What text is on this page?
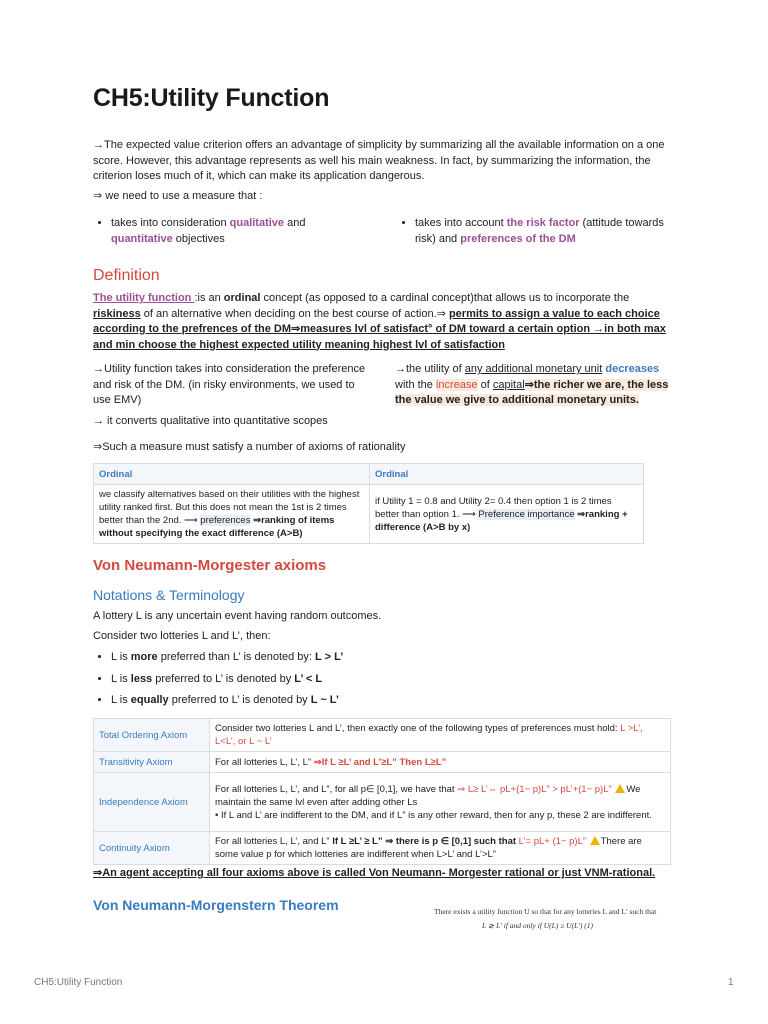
CH5:Utility Function
→The expected value criterion offers an advantage of simplicity by summarizing all the available information on a one score. However, this advantage represents as well his main weakness. In fact, by summarizing the information, the criterion loses much of it, which can make its application dangerous.
⇒ we need to use a measure that :
• takes into consideration qualitative and quantitative objectives
• takes into account the risk factor (attitude towards risk) and preferences of the DM
Definition
The utility function :is an ordinal concept (as opposed to a cardinal concept)that allows us to incorporate the riskiness of an alternative when deciding on the best course of action.⇒ permits to assign a value to each choice according to the prefrences of the DM⇒measures lvl of satisfact° of DM toward a certain option →in both max and min choose the highest expected utility meaning highest lvl of satisfaction
→Utility function takes into consideration the preference and risk of the DM. (in risky environments, we used to use EMV)
→the utility of any additional monetary unit decreases with the increase of capital⇒the richer we are, the less the value we give to additional monetary units.
→ it converts qualitative into quantitative scopes
⇒Such a measure must satisfy a number of axioms of rationality
Ordinal	Ordinal
we classify alternatives based on their utilities with the highest utility ranked first. But this does not mean the 1st is 2 times better than the 2nd. ⟶ preferences ⇒ranking of items without specifying the exact difference (A>B)	if Utility 1 = 0.8 and Utility 2= 0.4 then option 1 is 2 times better than option 1. ⟶ Preference importance ⇒ranking + difference (A>B by x)
Von Neumann-Morgester axioms
Notations & Terminology
A lottery L is any uncertain event having random outcomes.
Consider two lotteries L and L’, then:
• L is more preferred than L’ is denoted by: L > L’
• L is less preferred to L’ is denoted by L’ < L
• L is equally preferred to L’ is denoted by L ~ L’
Total Ordering Axiom	Consider two lotteries L and L’, then exactly one of the following types of preferences must hold: L >L’, L<L’, or L ~ L’
Transitivity Axiom	For all lotteries L, L’, L” ⇒If L ≥L’ and L’≥L” Then L≥L”
Independence Axiom	For all lotteries L, L’, and L”, for all p∈ [0,1], we have that ⇒ L≥ L’⇔ pL+(1− p)L” > pL’+(1− p)L” We maintain the same lvl even after adding other Ls
• If L and L’ are indifferent to the DM, and if L” is any other reward, then for any p, these 2 are indifferent.
Continuity Axiom	For all lotteries L, L’, and L” If L ≥L’ ≥ L” ⇒ there is p ∈ [0,1] such that L’= pL+ (1− p)L” There are some value p for which lotteries are indifferent when L>L’ and L’>L”
⇒An agent accepting all four axioms above is called Von Neumann- Morgester rational or just VNM-rational.
Von Neumann-Morgenstern Theorem	There exists a utility function U so that for any lotteries L and L′ such that
L ≳ L′ if and only if U(L) ≥ U(L′) (1)
CH5:Utility Function	1
